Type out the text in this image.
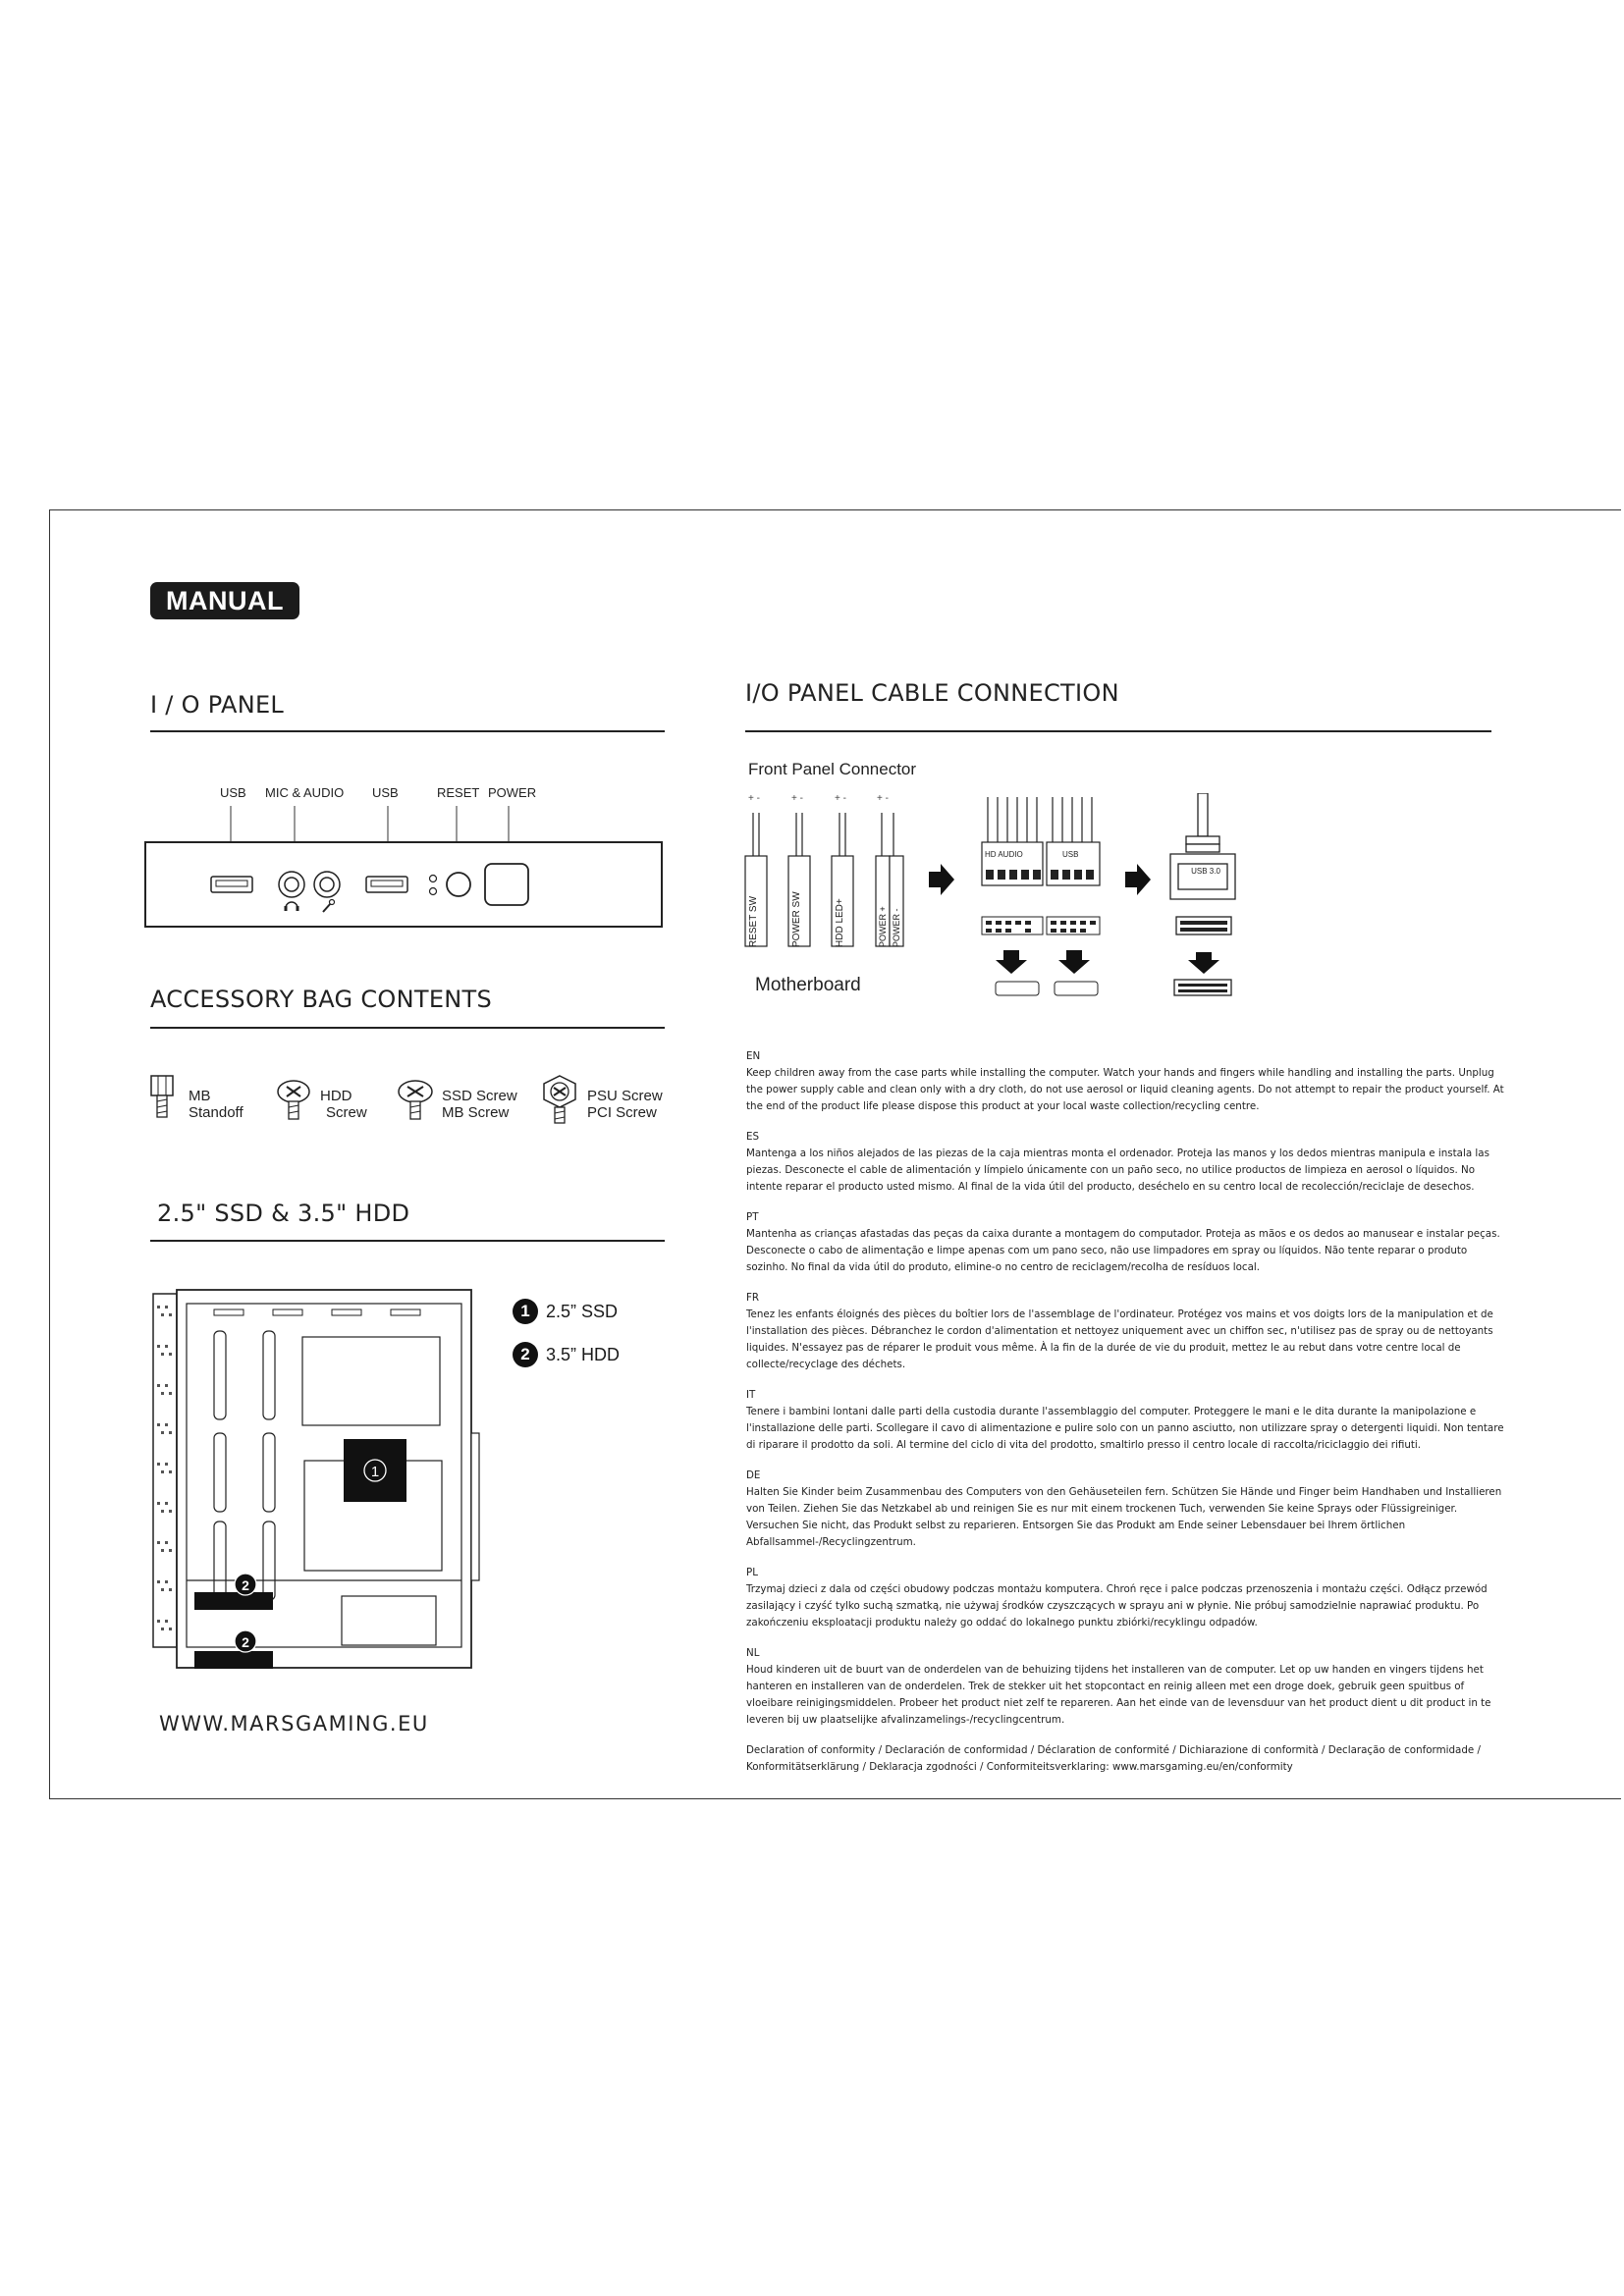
MANUAL
I / O PANEL
USB MIC & AUDIO USB	RESET POWER
ACCESSORY BAG CONTENTS
MB
Standoff
HDD
Screw
SSD Screw
MB Screw
PSU Screw
PCI Screw
2.5" SSD & 3.5" HDD
1
2
2
1 2.5” SSD
2 3.5” HDD
WWW.MARSGAMING.EU
I/O PANEL CABLE CONNECTION
Front Panel Connector
+ -	+ -	+ -	+ -
Motherboard
HD AUDIO	USB
USB 3.0

EN

Keep children away from the case parts while installing the computer. Watch your hands and fingers while handling and installing the parts. Unplug the power supply cable and clean only with a dry cloth, do not use aerosol or liquid cleaning agents. Do not attempt to repair the product yourself. At the end of the product life please dispose this product at your local waste collection/recycling centre.

ES

Mantenga a los niños alejados de las piezas de la caja mientras monta el ordenador. Proteja las manos y los dedos mientras manipula e instala las piezas. Desconecte el cable de alimentación y límpielo únicamente con un paño seco, no utilice productos de limpieza en aerosol o líquidos. No intente reparar el producto usted mismo. Al final de la vida útil del producto, deséchelo en su centro local de recolección/reciclaje de desechos.

PT

Mantenha as crianças afastadas das peças da caixa durante a montagem do computador. Proteja as mãos e os dedos ao manusear e instalar peças. Desconecte o cabo de alimentação e limpe apenas com um pano seco, não use limpadores em spray ou líquidos. Não tente reparar o produto sozinho. No final da vida útil do produto, elimine-o no centro de reciclagem/recolha de resíduos local.

FR

Tenez les enfants éloignés des pièces du boîtier lors de l'assemblage de l'ordinateur. Protégez vos mains et vos doigts lors de la manipulation et de l'installation des pièces. Débranchez le cordon d'alimentation et nettoyez uniquement avec un chiffon sec, n'utilisez pas de spray ou de nettoyants liquides. N'essayez pas de réparer le produit vous même. À la fin de la durée de vie du produit, mettez le au rebut dans votre centre local de collecte/recyclage des déchets.

IT

Tenere i bambini lontani dalle parti della custodia durante l'assemblaggio del computer. Proteggere le mani e le dita durante la manipolazione e l'installazione delle parti. Scollegare il cavo di alimentazione e pulire solo con un panno asciutto, non utilizzare spray o detergenti liquidi. Non tentare di riparare il prodotto da soli. Al termine del ciclo di vita del prodotto, smaltirlo presso il centro locale di raccolta/riciclaggio dei rifiuti.

DE

Halten Sie Kinder beim Zusammenbau des Computers von den Gehäuseteilen fern. Schützen Sie Hände und Finger beim Handhaben und Installieren von Teilen. Ziehen Sie das Netzkabel ab und reinigen Sie es nur mit einem trockenen Tuch, verwenden Sie keine Sprays oder Flüssigreiniger. Versuchen Sie nicht, das Produkt selbst zu reparieren. Entsorgen Sie das Produkt am Ende seiner Lebensdauer bei Ihrem örtlichen Abfallsammel-/Recyclingzentrum.

PL

Trzymaj dzieci z dala od części obudowy podczas montażu komputera. Chroń ręce i palce podczas przenoszenia i montażu części. Odłącz przewód zasilający i czyść tylko suchą szmatką, nie używaj środków czyszczących w sprayu ani w płynie. Nie próbuj samodzielnie naprawiać produktu. Po zakończeniu eksploatacji produktu należy go oddać do lokalnego punktu zbiórki/recyklingu odpadów.

NL

Houd kinderen uit de buurt van de onderdelen van de behuizing tijdens het installeren van de computer. Let op uw handen en vingers tijdens het hanteren en installeren van de onderdelen. Trek de stekker uit het stopcontact en reinig alleen met een droge doek, gebruik geen spuitbus of vloeibare reinigingsmiddelen. Probeer het product niet zelf te repareren. Aan het einde van de levensduur van het product dient u dit product in te leveren bij uw plaatselijke afvalinzamelings-/recyclingcentrum.

Declaration of conformity / Declaración de conformidad / Déclaration de conformité / Dichiarazione di conformità / Declaração de conformidade / Konformitätserklärung / Deklaracja zgodności / Conformiteitsverklaring: www.marsgaming.eu/en/conformity
